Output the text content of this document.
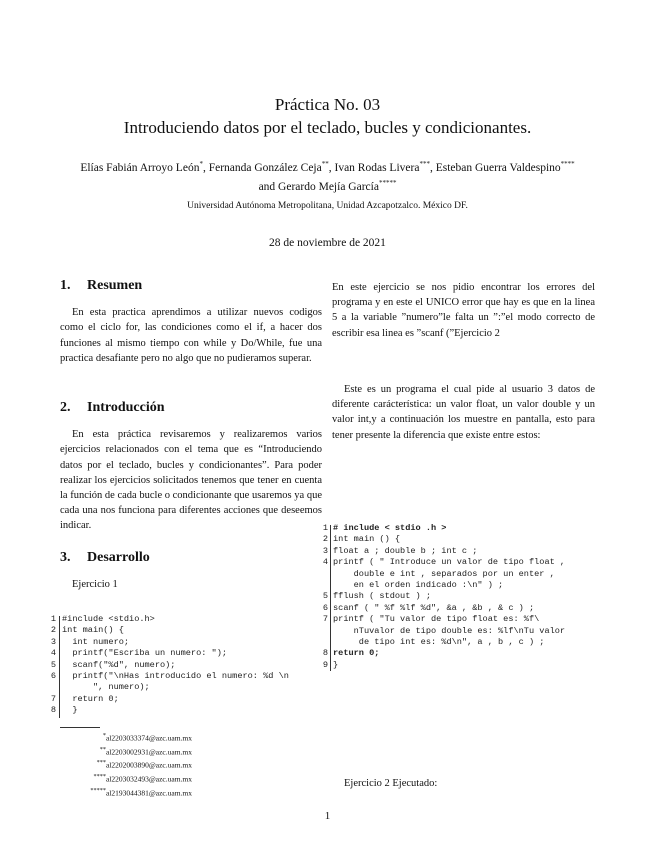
Práctica No. 03
Introduciendo datos por el teclado, bucles y condicionantes.
Elías Fabián Arroyo León*, Fernanda González Ceja**, Ivan Rodas Livera***, Esteban Guerra Valdespino****
and Gerardo Mejía García*****
Universidad Autónoma Metropolitana, Unidad Azcapotzalco. México DF.
28 de noviembre de 2021
1. Resumen

En esta practica aprendimos a utilizar nuevos codigos como el ciclo for, las condiciones como el if, a hacer dos funciones al mismo tiempo con while y Do/While, fue una practica desafiante pero no algo que no pudieramos superar.

2. Introducción

En esta práctica revisaremos y realizaremos varios ejercicios relacionados con el tema que es “Introduciendo datos por el teclado, bucles y condicionantes”. Para poder realizar los ejercicios solicitados tenemos que tener en cuenta la función de cada bucle o condicionante que usaremos ya que cada una nos funciona para diferentes acciones que deseemos indicar.

3. Desarrollo

Ejercicio 1

1 #include <stdio.h>
2 int main() {
3 int numero;
4 printf("Escriba un numero: ");
5 scanf("%d", numero);
6 printf("\nHas introducido el numero: %d \n
", numero);
7 return 0;
8 }
*al2203033374@azc.uam.mx
**al2203002931@azc.uam.mx
***al2202003890@azc.uam.mx
****al2203032493@azc.uam.mx
*****al2193044381@azc.uam.mx
En este ejercicio se nos pidio encontrar los errores del programa y en este el UNICO error que hay es que en la linea 5 a la variable ”numero”le falta un ”:”el modo correcto de escribir esa linea es ”scanf (”Ejercicio 2

Este es un programa el cual pide al usuario 3 datos de diferente carácterística: un valor float, un valor double y un valor int,y a continuación los muestre en pantalla, esto para tener presente la diferencia que existe entre estos:

1 # include < stdio .h >
2 int main () {
3 float a ; double b ; int c ;
4 printf ( " Introduce un valor de tipo float ,
double e int , separados por un enter ,
en el orden indicado :\n" ) ;
5 fflush ( stdout ) ;
6 scanf ( " %f %lf %d", &a , &b , & c ) ;
7 printf ( "Tu valor de tipo float es: %f\
nTuvalor de tipo double es: %lf\nTu valor
de tipo int es: %d\n", a , b , c ) ;
8 return 0;
9 }
Ejercicio 2 Ejecutado:
1
